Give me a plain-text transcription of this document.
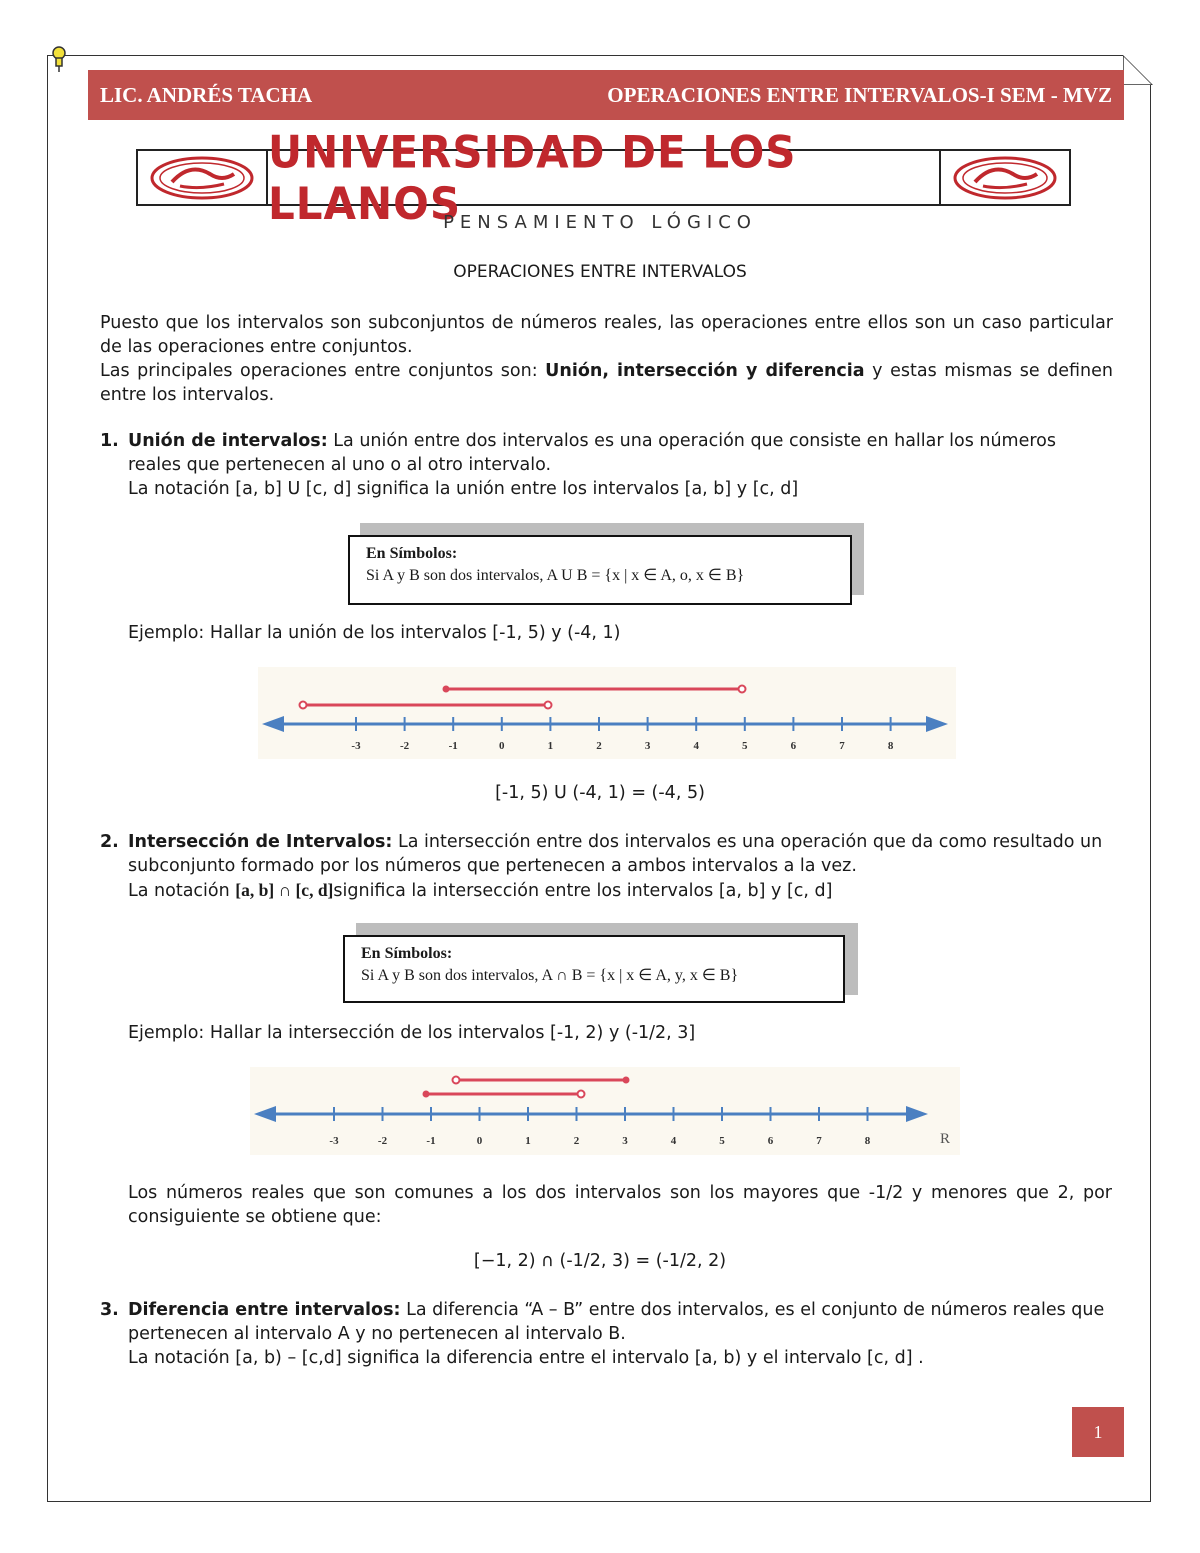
LIC. ANDRÉS TACHA	OPERACIONES ENTRE INTERVALOS-I SEM - MVZ
UNIVERSIDAD DE LOS LLANOS
PENSAMIENTO LÓGICO
OPERACIONES ENTRE INTERVALOS
Puesto que los intervalos son subconjuntos de números reales, las operaciones entre ellos son un caso particular de las operaciones entre conjuntos.
Las principales operaciones entre conjuntos son: Unión, intersección y diferencia y estas mismas se definen entre los intervalos.
1. Unión de intervalos: La unión entre dos intervalos es una operación que consiste en hallar los números reales que pertenecen al uno o al otro intervalo.
La notación [a, b] U [c, d] significa la unión entre los intervalos [a, b] y [c, d]
En Símbolos:
Si A y B son dos intervalos, A U B = {x | x ∈ A, o, x ∈ B}
Ejemplo: Hallar la unión de los intervalos [-1, 5) y (-4, 1)
-3	-2	-1	0	1	2	3	4	5	6	7	8
[-1, 5) U (-4, 1) = (-4, 5)
2. Intersección de Intervalos: La intersección entre dos intervalos es una operación que da como resultado un subconjunto formado por los números que pertenecen a ambos intervalos a la vez.
La notación [a, b] ∩ [c, d]significa la intersección entre los intervalos [a, b] y [c, d]
En Símbolos:
Si A y B son dos intervalos, A ∩ B = {x | x ∈ A, y, x ∈ B}
Ejemplo: Hallar la intersección de los intervalos [-1, 2) y (-1/2, 3]
-3	-2	-1	0	1	2	3	4	5	6	7	8	R
Los números reales que son comunes a los dos intervalos son los mayores que -1/2 y menores que 2, por consiguiente se obtiene que:
[−1, 2) ∩ (-1/2, 3) = (-1/2, 2)
3. Diferencia entre intervalos: La diferencia “A – B” entre dos intervalos, es el conjunto de números reales que pertenecen al intervalo A y no pertenecen al intervalo B.
La notación [a, b) – [c,d] significa la diferencia entre el intervalo [a, b) y el intervalo [c, d] .
1
